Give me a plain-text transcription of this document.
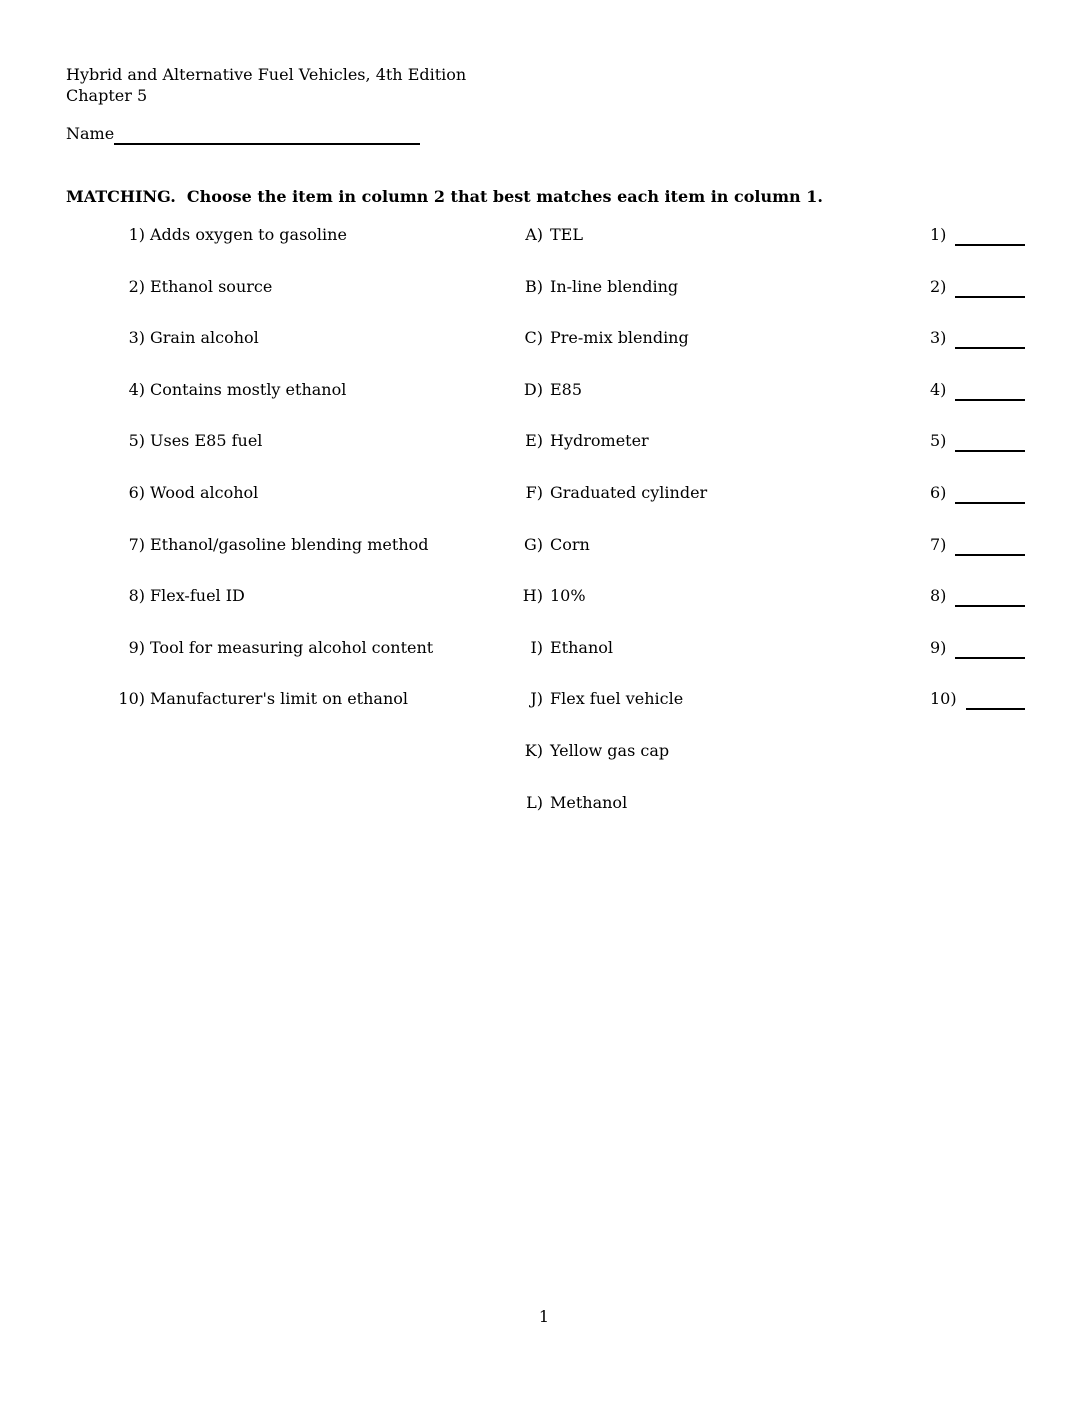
Hybrid and Alternative Fuel Vehicles, 4th Edition
Chapter 5
Name
MATCHING.  Choose the item in column 2 that best matches each item in column 1.
1) Adds oxygen to gasoline	A) TEL	1)
2) Ethanol source	B) In-line blending	2)
3) Grain alcohol	C) Pre-mix blending	3)
4) Contains mostly ethanol	D) E85	4)
5) Uses E85 fuel	E) Hydrometer	5)
6) Wood alcohol	F) Graduated cylinder	6)
7) Ethanol/gasoline blending method	G) Corn	7)
8) Flex-fuel ID	H) 10%	8)
9) Tool for measuring alcohol content	I) Ethanol	9)
10) Manufacturer's limit on ethanol	J) Flex fuel vehicle	10)
K) Yellow gas cap
L) Methanol
1
